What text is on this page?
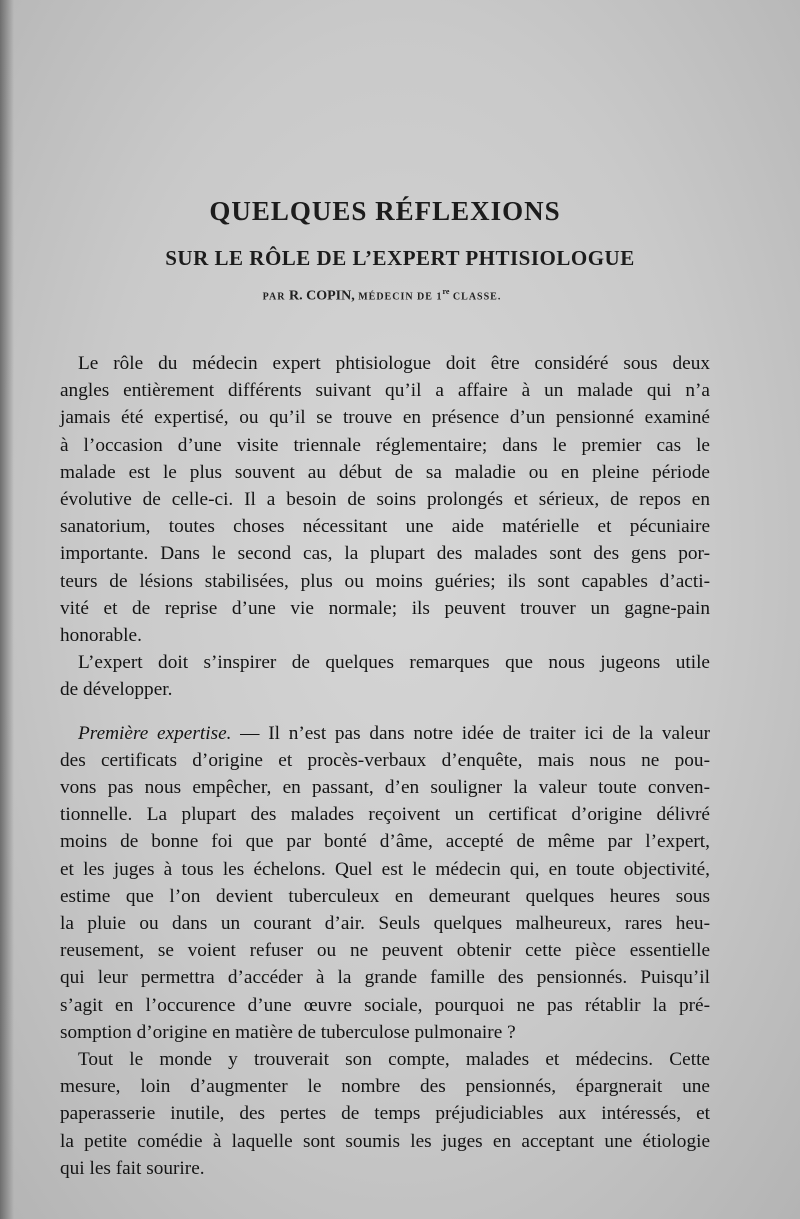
QUELQUES RÉFLEXIONS
SUR LE RÔLE DE L’EXPERT PHTISIOLOGUE
PAR R. COPIN, MÉDECIN DE 1re CLASSE.

Le rôle du médecin expert phtisiologue doit être considéré sous deux
angles entièrement différents suivant qu’il a affaire à un malade qui n’a
jamais été expertisé, ou qu’il se trouve en présence d’un pensionné examiné
à l’occasion d’une visite triennale réglementaire; dans le premier cas le
malade est le plus souvent au début de sa maladie ou en pleine période
évolutive de celle-ci. Il a besoin de soins prolongés et sérieux, de repos en
sanatorium, toutes choses nécessitant une aide matérielle et pécuniaire
importante. Dans le second cas, la plupart des malades sont des gens por-
teurs de lésions stabilisées, plus ou moins guéries; ils sont capables d’acti-
vité et de reprise d’une vie normale; ils peuvent trouver un gagne-pain
honorable.

L’expert doit s’inspirer de quelques remarques que nous jugeons utile
de développer.

Première expertise. — Il n’est pas dans notre idée de traiter ici de la valeur
des certificats d’origine et procès-verbaux d’enquête, mais nous ne pou-
vons pas nous empêcher, en passant, d’en souligner la valeur toute conven-
tionnelle. La plupart des malades reçoivent un certificat d’origine délivré
moins de bonne foi que par bonté d’âme, accepté de même par l’expert,
et les juges à tous les échelons. Quel est le médecin qui, en toute objectivité,
estime que l’on devient tuberculeux en demeurant quelques heures sous
la pluie ou dans un courant d’air. Seuls quelques malheureux, rares heu-
reusement, se voient refuser ou ne peuvent obtenir cette pièce essentielle
qui leur permettra d’accéder à la grande famille des pensionnés. Puisqu’il
s’agit en l’occurence d’une œuvre sociale, pourquoi ne pas rétablir la pré-
somption d’origine en matière de tuberculose pulmonaire ?

Tout le monde y trouverait son compte, malades et médecins. Cette
mesure, loin d’augmenter le nombre des pensionnés, épargnerait une
paperasserie inutile, des pertes de temps préjudiciables aux intéressés, et
la petite comédie à laquelle sont soumis les juges en acceptant une étiologie
qui les fait sourire.
